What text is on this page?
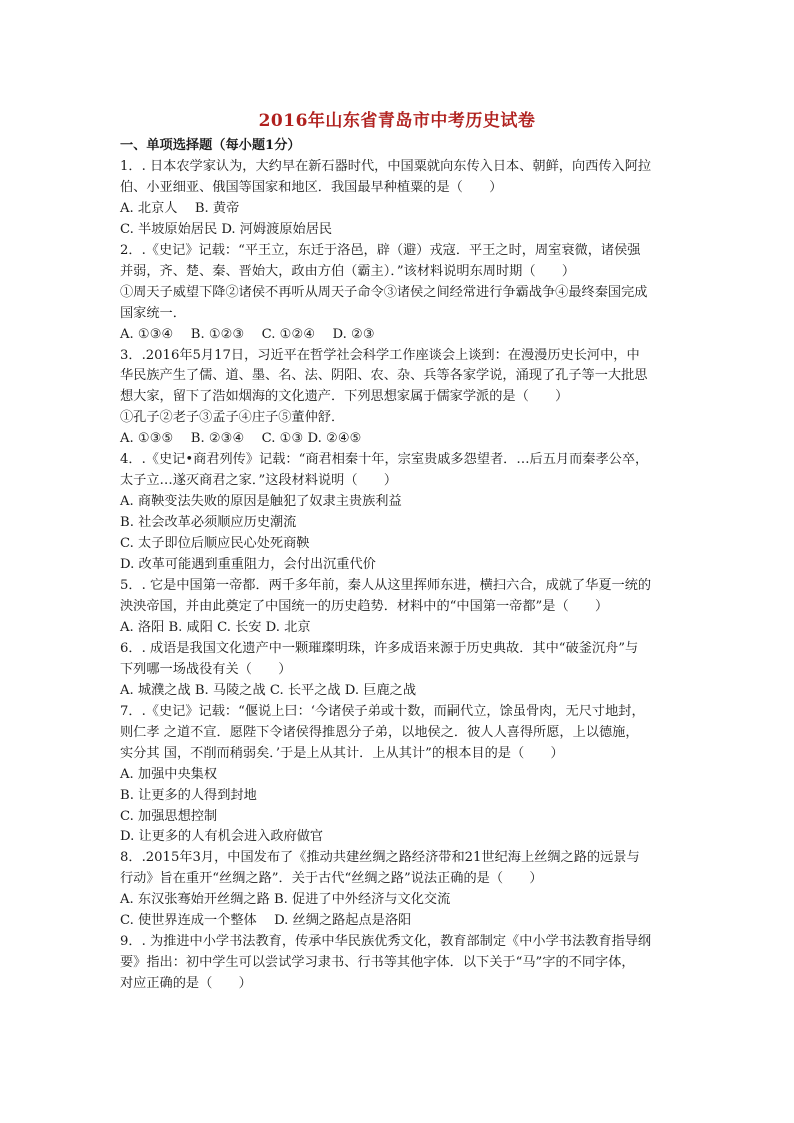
2016年山东省青岛市中考历史试卷
一、单项选择题（每小题1分）
1．. 日本农学家认为，大约早在新石器时代，中国粟就向东传入日本、朝鲜，向西传入阿拉
伯、小亚细亚、俄国等国家和地区．我国最早种植粟的是（　　）
A. 北京人　 B. 黄帝
C. 半坡原始居民 D. 河姆渡原始居民
2．.《史记》记载：“平王立，东迁于洛邑，辟（避）戎寇．平王之时，周室衰微，诸侯强
并弱，齐、楚、秦、晋始大，政由方伯（霸主）．”该材料说明东周时期（　　）
①周天子威望下降②诸侯不再听从周天子命令③诸侯之间经常进行争霸战争④最终秦国完成
国家统一．
A. ①③④　 B. ①②③　 C. ①②④　 D. ②③
3．.2016年5月17日，习近平在哲学社会科学工作座谈会上谈到：在漫漫历史长河中，中
华民族产生了儒、道、墨、名、法、阴阳、农、杂、兵等各家学说，涌现了孔子等一大批思
想大家，留下了浩如烟海的文化遗产．下列思想家属于儒家学派的是（　　）
①孔子②老子③孟子④庄子⑤董仲舒．
A. ①③⑤　 B. ②③④　 C. ①③ D. ②④⑤
4．.《史记•商君列传》记载：“商君相秦十年，宗室贵戚多怨望者．…后五月而秦孝公卒，
太子立…遂灭商君之家．”这段材料说明（　　）
A. 商鞅变法失败的原因是触犯了奴隶主贵族利益
B. 社会改革必须顺应历史潮流
C. 太子即位后顺应民心处死商鞅
D. 改革可能遇到重重阻力，会付出沉重代价
5．. 它是中国第一帝都．两千多年前，秦人从这里挥师东进，横扫六合，成就了华夏一统的
泱泱帝国，并由此奠定了中国统一的历史趋势．材料中的“中国第一帝都”是（　　）
A. 洛阳 B. 咸阳 C. 长安 D. 北京
6．. 成语是我国文化遗产中一颗璀璨明珠，许多成语来源于历史典故．其中“破釜沉舟”与
下列哪一场战役有关（　　）
A. 城濮之战 B. 马陵之战 C. 长平之战 D. 巨鹿之战
7．.《史记》记载：“偃说上曰：‘今诸侯子弟或十数，而嗣代立，馀虽骨肉，无尺寸地封，
则仁孝 之道不宣．愿陛下令诸侯得推恩分子弟，以地侯之．彼人人喜得所愿，上以德施，
实分其 国，不削而稍弱矣．’于是上从其计．上从其计”的根本目的是（　　）
A. 加强中央集权
B. 让更多的人得到封地
C. 加强思想控制
D. 让更多的人有机会进入政府做官
8．.2015年3月，中国发布了《推动共建丝绸之路经济带和21世纪海上丝绸之路的远景与
行动》旨在重开“丝绸之路”．关于古代“丝绸之路”说法正确的是（　　）
A. 东汉张骞始开丝绸之路 B. 促进了中外经济与文化交流
C. 使世界连成一个整体　 D. 丝绸之路起点是洛阳
9．. 为推进中小学书法教育，传承中华民族优秀文化，教育部制定《中小学书法教育指导纲
要》指出：初中学生可以尝试学习隶书、行书等其他字体．以下关于“马”字的不同字体，
对应正确的是（　　）
